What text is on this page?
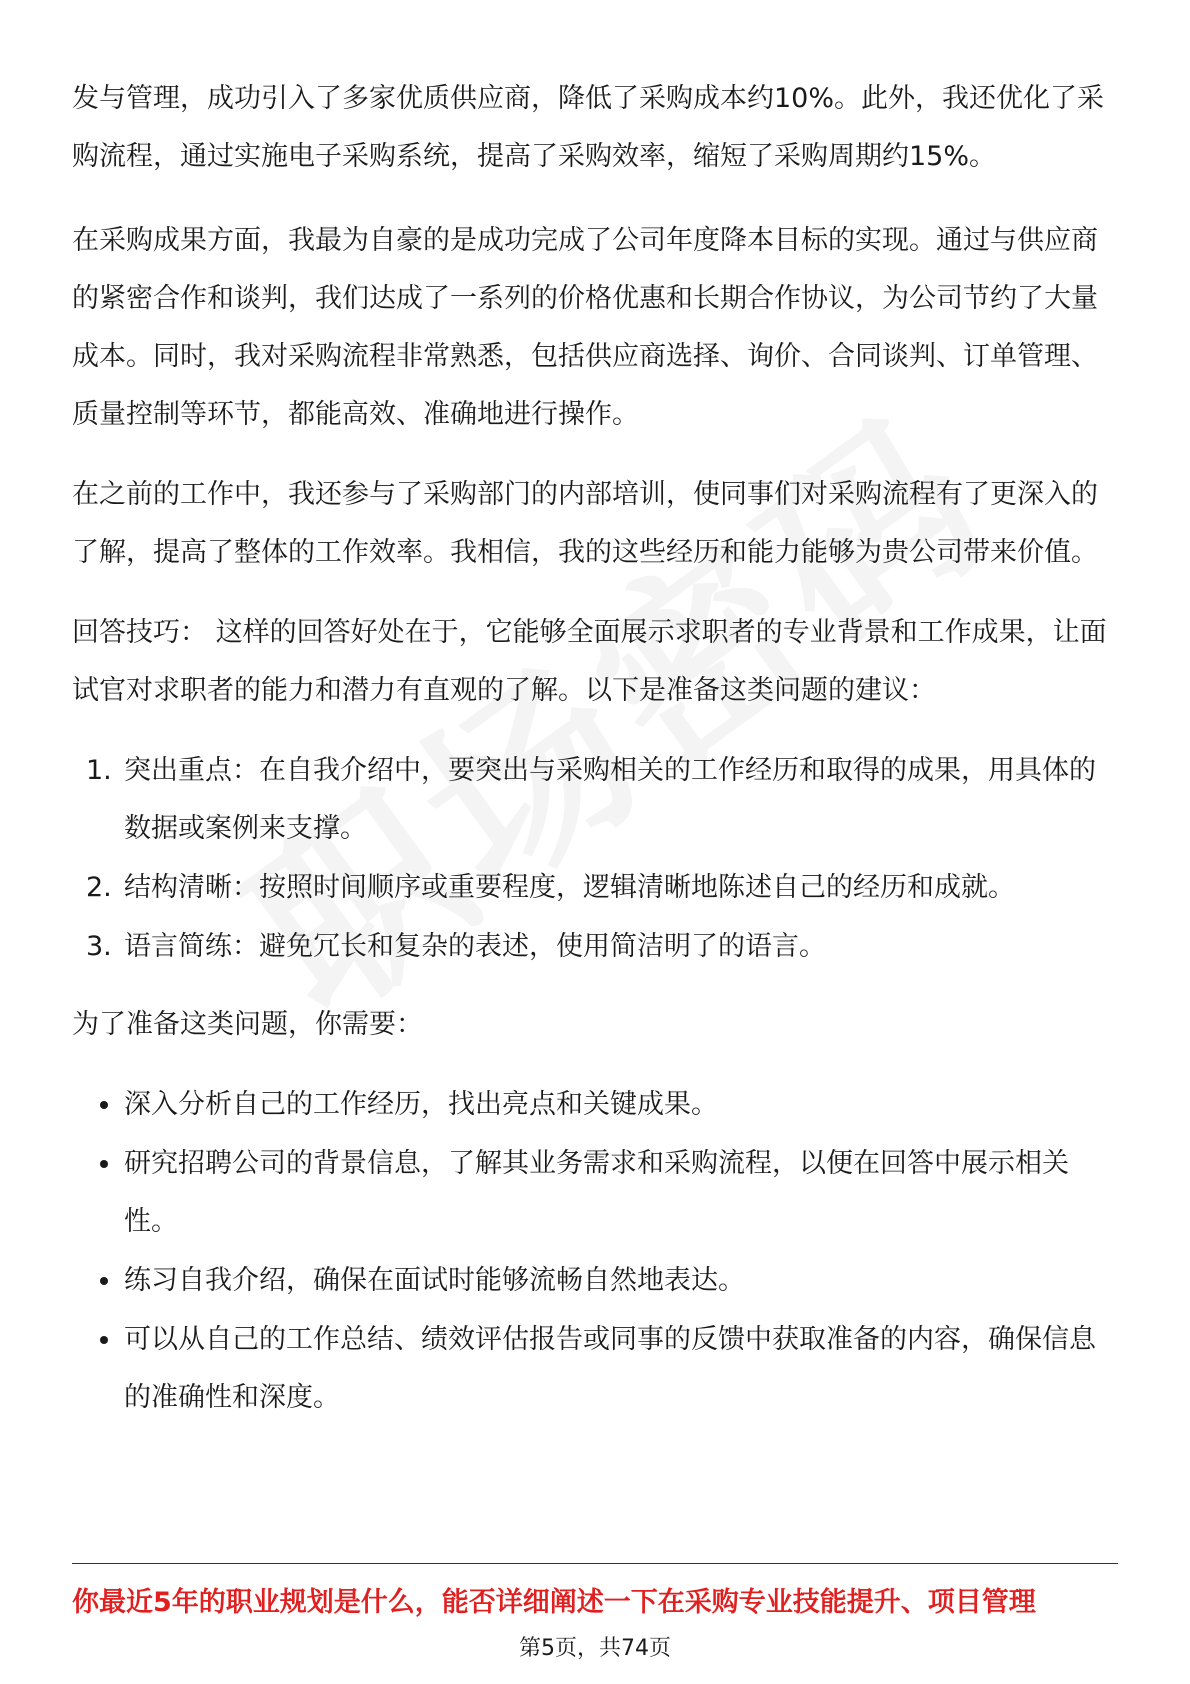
发与管理，成功引入了多家优质供应商，降低了采购成本约10%。此外，我还优化了采购流程，通过实施电子采购系统，提高了采购效率，缩短了采购周期约15%。

在采购成果方面，我最为自豪的是成功完成了公司年度降本目标的实现。通过与供应商的紧密合作和谈判，我们达成了一系列的价格优惠和长期合作协议，为公司节约了大量成本。同时，我对采购流程非常熟悉，包括供应商选择、询价、合同谈判、订单管理、质量控制等环节，都能高效、准确地进行操作。

在之前的工作中，我还参与了采购部门的内部培训，使同事们对采购流程有了更深入的了解，提高了整体的工作效率。我相信，我的这些经历和能力能够为贵公司带来价值。

回答技巧： 这样的回答好处在于，它能够全面展示求职者的专业背景和工作成果，让面试官对求职者的能力和潜力有直观的了解。以下是准备这类问题的建议：

1. 突出重点：在自我介绍中，要突出与采购相关的工作经历和取得的成果，用具体的数据或案例来支撑。
2. 结构清晰：按照时间顺序或重要程度，逻辑清晰地陈述自己的经历和成就。
3. 语言简练：避免冗长和复杂的表述，使用简洁明了的语言。

为了准备这类问题，你需要：

深入分析自己的工作经历，找出亮点和关键成果。
研究招聘公司的背景信息，了解其业务需求和采购流程，以便在回答中展示相关性。
练习自我介绍，确保在面试时能够流畅自然地表达。
可以从自己的工作总结、绩效评估报告或同事的反馈中获取准备的内容，确保信息的准确性和深度。
你最近5年的职业规划是什么，能否详细阐述一下在采购专业技能提升、项目管理
第5页，共74页
